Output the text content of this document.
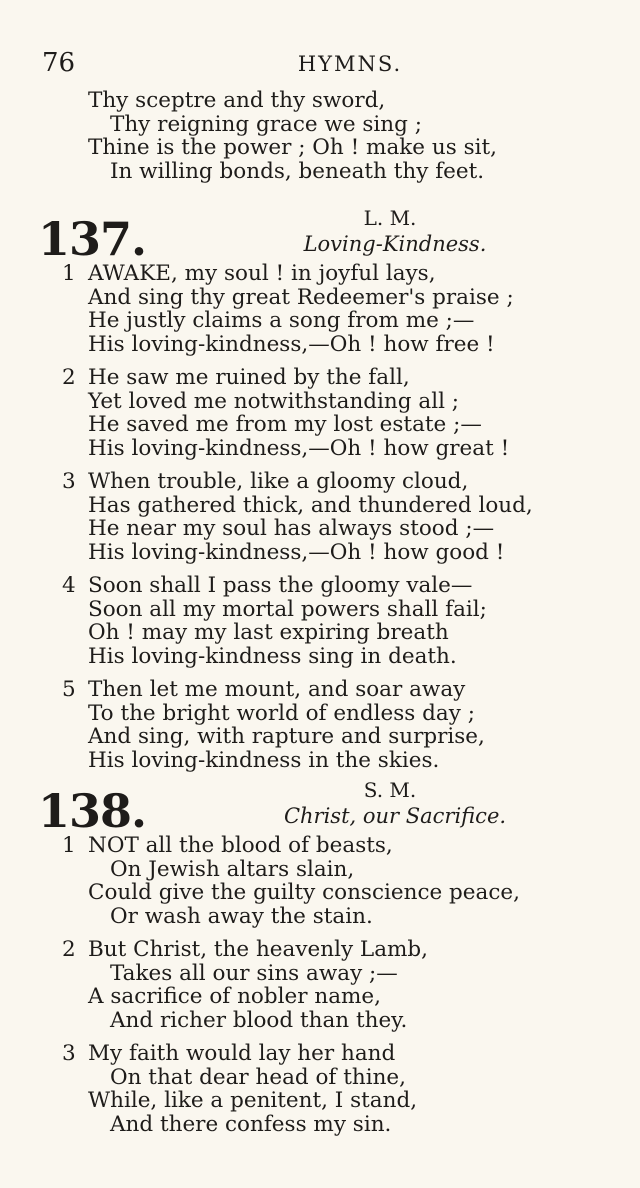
76	HYMNS.
Thy sceptre and thy sword,
Thy reigning grace we sing ;
Thine is the power ; Oh ! make us sit,
In willing bonds, beneath thy feet.
137.	L. M.
Loving-Kindness.
1 AWAKE, my soul ! in joyful lays,
And sing thy great Redeemer's praise ;
He justly claims a song from me ;—
His loving-kindness,—Oh ! how free !
2 He saw me ruined by the fall,
Yet loved me notwithstanding all ;
He saved me from my lost estate ;—
His loving-kindness,—Oh ! how great !
3 When trouble, like a gloomy cloud,
Has gathered thick, and thundered loud,
He near my soul has always stood ;—
His loving-kindness,—Oh ! how good !
4 Soon shall I pass the gloomy vale—
Soon all my mortal powers shall fail;
Oh ! may my last expiring breath
His loving-kindness sing in death.
5 Then let me mount, and soar away
To the bright world of endless day ;
And sing, with rapture and surprise,
His loving-kindness in the skies.
138.	S. M.
Christ, our Sacrifice.
1 NOT all the blood of beasts,
On Jewish altars slain,
Could give the guilty conscience peace,
Or wash away the stain.
2 But Christ, the heavenly Lamb,
Takes all our sins away ;—
A sacrifice of nobler name,
And richer blood than they.
3 My faith would lay her hand
On that dear head of thine,
While, like a penitent, I stand,
And there confess my sin.
